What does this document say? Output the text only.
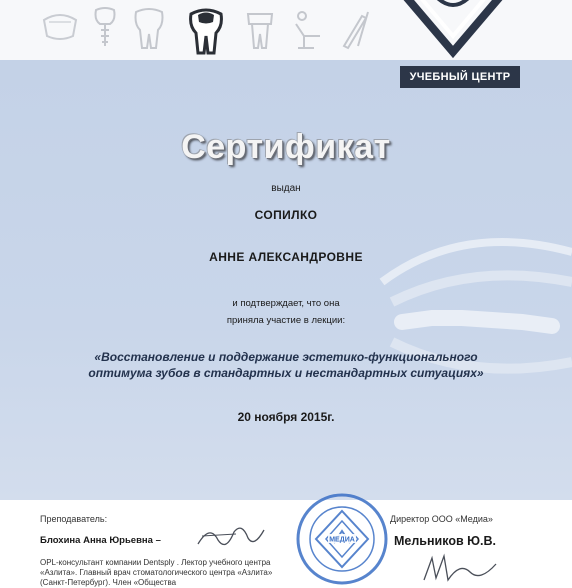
УЧЕБНЫЙ ЦЕНТР
Сертификат
выдан
СОПИЛКО
АННЕ АЛЕКСАНДРОВНЕ
и подтверждает, что она
приняла участие в лекции:
«Восстановление и поддержание эстетико-функционального
оптимума зубов в стандартных и нестандартных ситуациях»
20 ноября 2015г.
Преподаватель:
Блохина Анна Юрьевна –
OPL-консультант компании Dentsply . Лектор учебного центра «Азлита». Главный врач стоматологического центра «Азлита» (Санкт-Петербург). Член «Общества
Директор ООО «Медиа»
Мельников Ю.В.
МЕДИА
